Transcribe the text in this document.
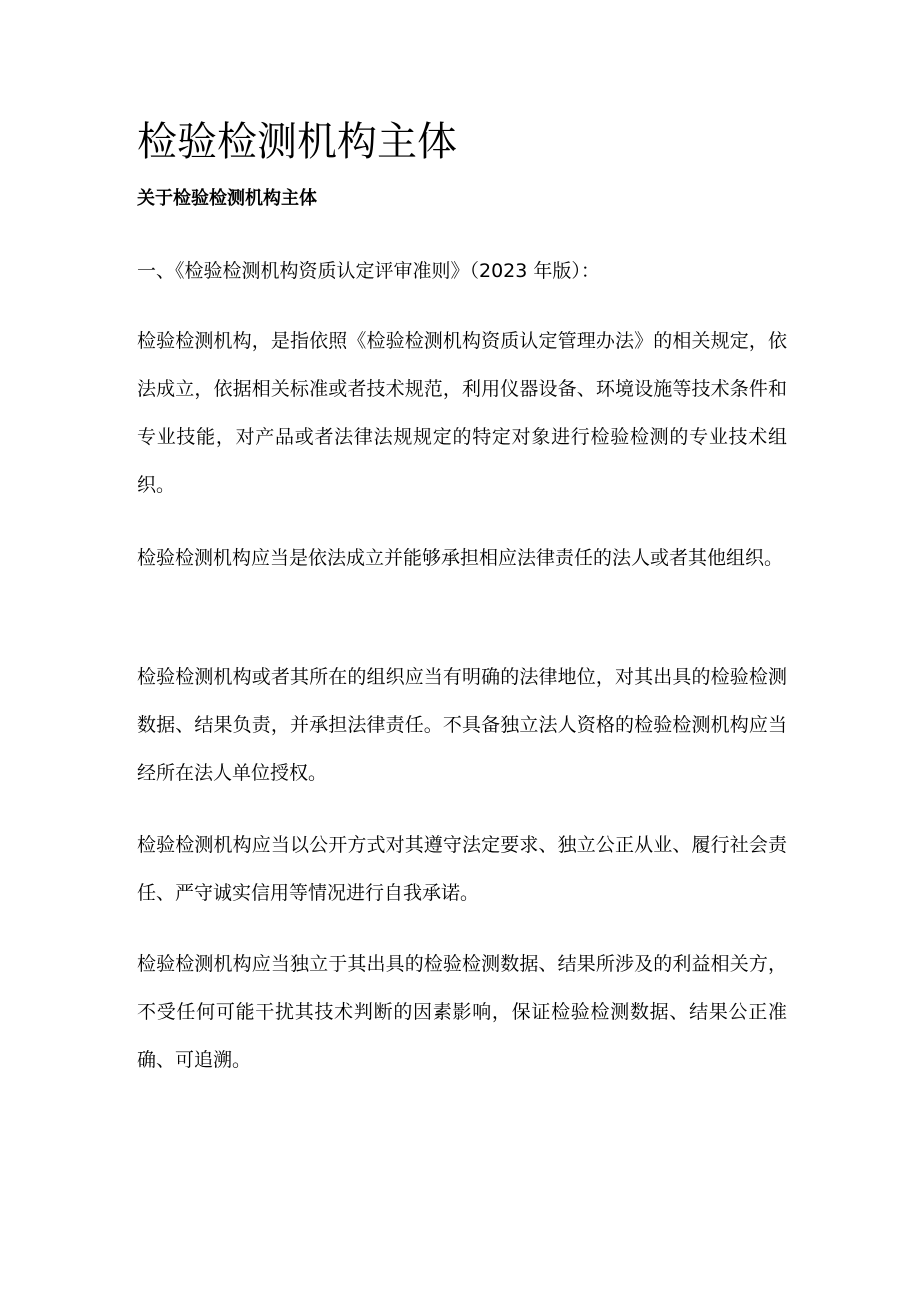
检验检测机构主体
关于检验检测机构主体
一、《检验检测机构资质认定评审准则》（2023 年版）：

检验检测机构，是指依照《检验检测机构资质认定管理办法》的相关规定，依法成立，依据相关标准或者技术规范，利用仪器设备、环境设施等技术条件和专业技能，对产品或者法律法规规定的特定对象进行检验检测的专业技术组织。

检验检测机构应当是依法成立并能够承担相应法律责任的法人或者其他组织。

检验检测机构或者其所在的组织应当有明确的法律地位，对其出具的检验检测数据、结果负责，并承担法律责任。不具备独立法人资格的检验检测机构应当经所在法人单位授权。

检验检测机构应当以公开方式对其遵守法定要求、独立公正从业、履行社会责任、严守诚实信用等情况进行自我承诺。

检验检测机构应当独立于其出具的检验检测数据、结果所涉及的利益相关方，不受任何可能干扰其技术判断的因素影响，保证检验检测数据、结果公正准确、可追溯。
